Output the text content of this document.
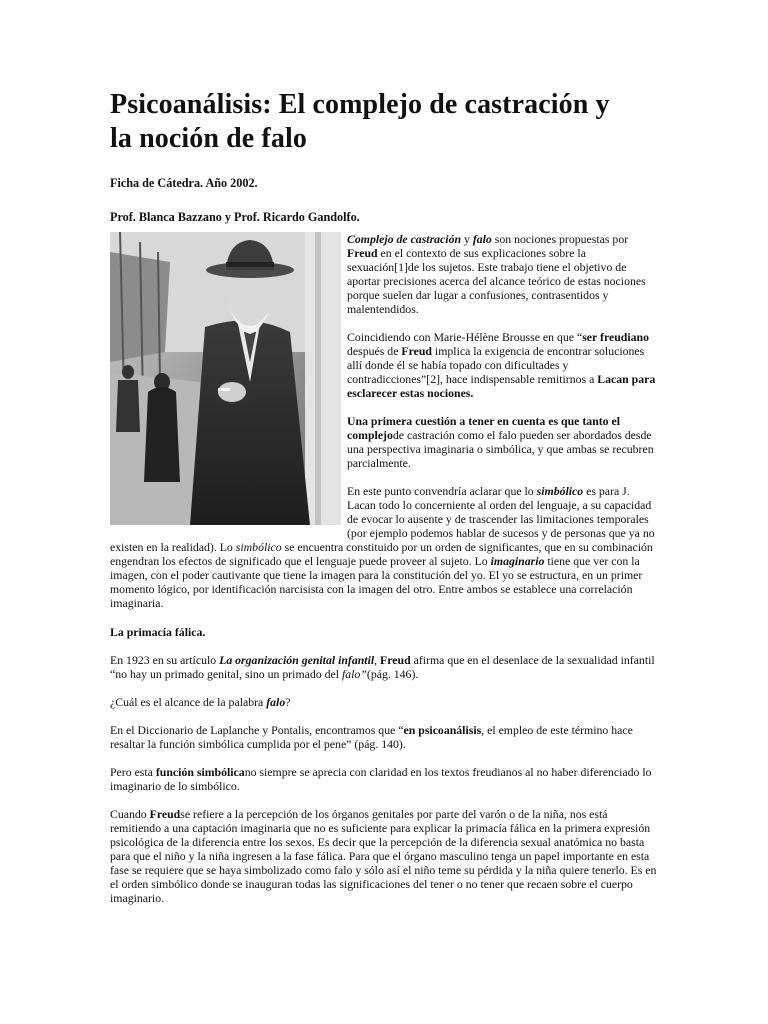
Psicoanálisis: El complejo de castración y
la noción de falo

Ficha de Cátedra. Año 2002.

Prof. Blanca Bazzano y Prof. Ricardo Gandolfo.

Complejo de castración y falo son nociones propuestas por Freud en el contexto de sus explicaciones sobre la sexuación[1]de los sujetos. Este trabajo tiene el objetivo de aportar precisiones acerca del alcance teórico de estas nociones porque suelen dar lugar a confusiones, contrasentidos y malentendidos.

Coincidiendo con Marie-Hélène Brousse en que “ser freudiano después de Freud implica la exigencia de encontrar soluciones allí donde él se había topado con dificultades y contradicciones”[2], hace indispensable remitirnos a Lacan para esclarecer estas nociones.

Una primera cuestión a tener en cuenta es que tanto el complejode castración como el falo pueden ser abordados desde una perspectiva imaginaria o simbólica, y que ambas se recubren parcialmente.

En este punto convendría aclarar que lo simbólico es para J. Lacan todo lo concerniente al orden del lenguaje, a su capacidad de evocar lo ausente y de trascender las limitaciones temporales (por ejemplo podemos hablar de sucesos y de personas que ya no existen en la realidad). Lo simbólico se encuentra constituido por un orden de significantes, que en su combinación engendran los efectos de significado que el lenguaje puede proveer al sujeto. Lo imaginario tiene que ver con la imagen, con el poder cautivante que tiene la imagen para la constitución del yo. El yo se estructura, en un primer momento lógico, por identificación narcisista con la imagen del otro. Entre ambos se establece una correlación imaginaria.

La primacía fálica.

En 1923 en su artículo La organización genital infantil, Freud afirma que en el desenlace de la sexualidad infantil “no hay un primado genital, sino un primado del falo”(pág. 146).

¿Cuál es el alcance de la palabra falo?

En el Diccionario de Laplanche y Pontalis, encontramos que “en psicoanálisis, el empleo de este término hace resaltar la función simbólica cumplida por el pene” (pág. 140).

Pero esta función simbólicano siempre se aprecia con claridad en los textos freudianos al no haber diferenciado lo imaginario de lo simbólico.

Cuando Freudse refiere a la percepción de los órganos genitales por parte del varón o de la niña, nos está remitiendo a una captación imaginaria que no es suficiente para explicar la primacía fálica en la primera expresión psicológica de la diferencia entre los sexos. Es decir que la percepción de la diferencia sexual anatómica no basta para que el niño y la niña ingresen a la fase fálica. Para que el órgano masculino tenga un papel importante en esta fase se requiere que se haya simbolizado como falo y sólo así el niño teme su pérdida y la niña quiere tenerlo. Es en el orden simbólico donde se inauguran todas las significaciones del tener o no tener que recaen sobre el cuerpo imaginario.
